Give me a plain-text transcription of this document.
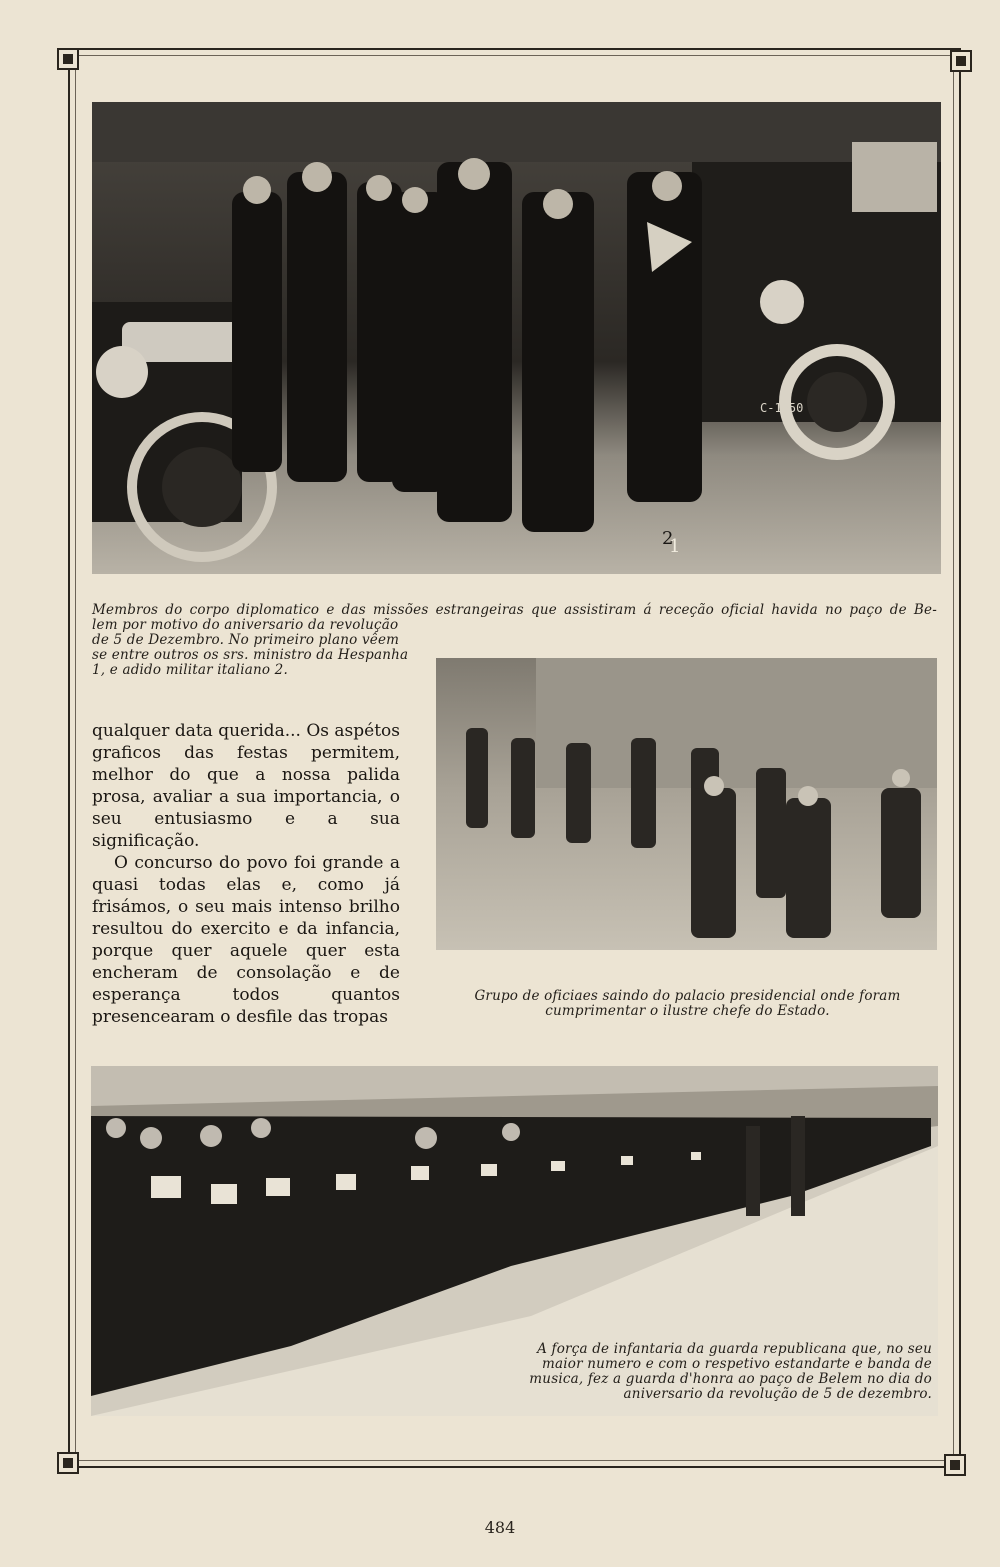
1
2
C-1850
Membros do corpo diplomatico e das missões estrangeiras que assistiram á receção oficial havida no paço de Be-
lem por motivo do aniversario da revolução de 5 de Dezembro. No primeiro plano vêem se entre outros os srs. ministro da Hespanha 1, e adido militar italiano 2.
Grupo de oficiaes saindo do palacio presidencial onde foram cumprimentar o ilustre chefe do Estado.

qualquer data querida... Os aspétos graficos das festas permitem, melhor do que a nossa palida prosa, avaliar a sua importancia, o seu entusiasmo e a sua significação.

O concurso do povo foi grande a quasi todas elas e, como já frisámos, o seu mais intenso brilho resultou do exercito e da infancia, porque quer aquele quer esta encheram de consolação e de esperança todos quantos presencearam o desfile das tropas

A força de infantaria da guarda republicana que, no seu maior numero e com o respetivo estandarte e banda de musica, fez a guarda d'honra ao paço de Belem no dia do aniversario da revolução de 5 de dezembro.
484
